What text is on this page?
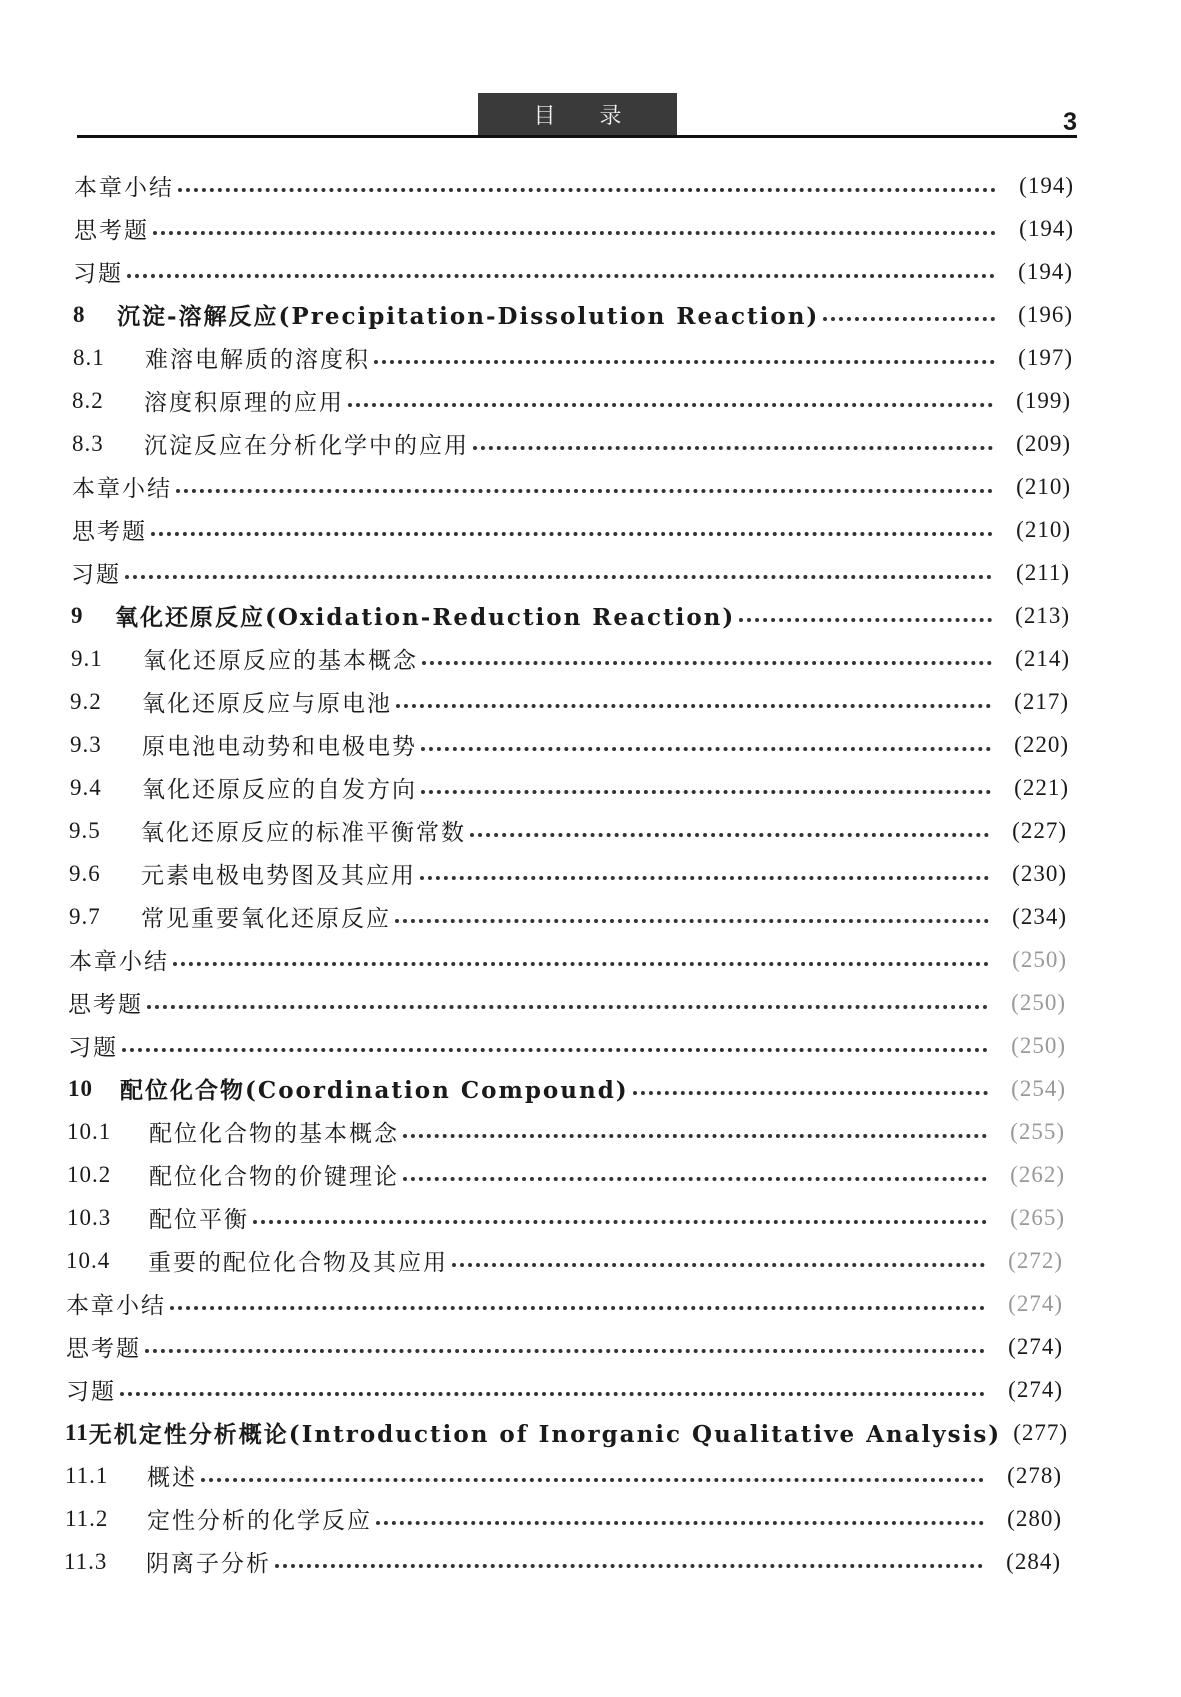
目 录	3
本章小结	(194)
思考题	(194)
习题	(194)
8	沉淀-溶解反应(Precipitation-Dissolution Reaction)	(196)
8.1	难溶电解质的溶度积	(197)
8.2	溶度积原理的应用	(199)
8.3	沉淀反应在分析化学中的应用	(209)
本章小结	(210)
思考题	(210)
习题	(211)
9	氧化还原反应(Oxidation-Reduction Reaction)	(213)
9.1	氧化还原反应的基本概念	(214)
9.2	氧化还原反应与原电池	(217)
9.3	原电池电动势和电极电势	(220)
9.4	氧化还原反应的自发方向	(221)
9.5	氧化还原反应的标准平衡常数	(227)
9.6	元素电极电势图及其应用	(230)
9.7	常见重要氧化还原反应	(234)
本章小结	(250)
思考题	(250)
习题	(250)
10	配位化合物(Coordination Compound)	(254)
10.1	配位化合物的基本概念	(255)
10.2	配位化合物的价键理论	(262)
10.3	配位平衡	(265)
10.4	重要的配位化合物及其应用	(272)
本章小结	(274)
思考题	(274)
习题	(274)
11 无机定性分析概论(Introduction of Inorganic Qualitative Analysis) (277)
11.1	概述	(278)
11.2	定性分析的化学反应	(280)
11.3	阴离子分析	(284)
